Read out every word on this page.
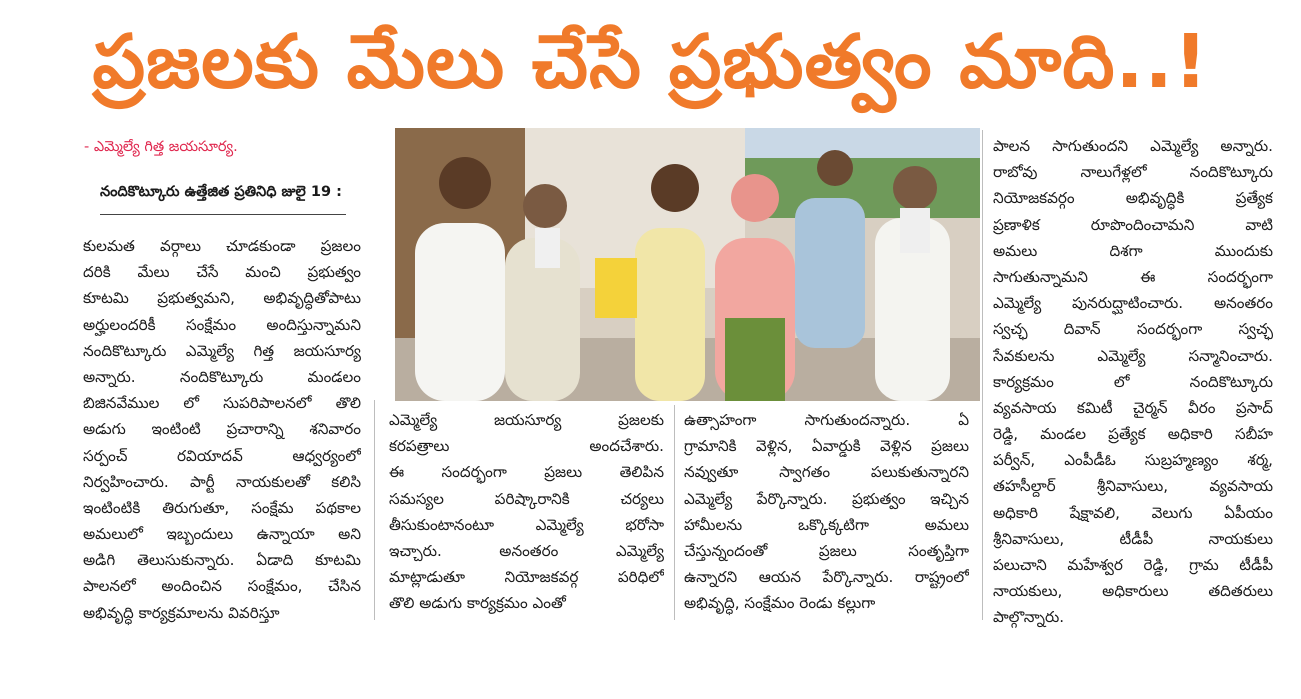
ప్రజలకు మేలు చేసే ప్రభుత్వం మాది..!
- ఎమ్మెల్యే గిత్త జయసూర్య.
నందికొట్కూరు ఉత్తేజిత ప్రతినిధి జులై 19 :
కులమత వర్గాలు చూడకుండా ప్రజలం
దరికి మేలు చేసే మంచి ప్రభుత్వం
కూటమి ప్రభుత్వమని, అభివృద్ధితోపాటు
అర్హులందరికీ సంక్షేమం అందిస్తున్నామని
నందికొట్కూరు ఎమ్మెల్యే గిత్త జయసూర్య
అన్నారు. నందికొట్కూరు మండలం
బిజినవేముల లో సుపరిపాలనలో తొలి
అడుగు ఇంటింటి ప్రచారాన్ని శనివారం
సర్పంచ్ రవియాదవ్ ఆధ్వర్యంలో
నిర్వహించారు. పార్టీ నాయకులతో కలిసి
ఇంటింటికి తిరుగుతూ, సంక్షేమ పథకాల
అమలులో ఇబ్బందులు ఉన్నాయా అని
అడిగి తెలుసుకున్నారు. ఏడాది కూటమి
పాలనలో అందించిన సంక్షేమం, చేసిన
అభివృద్ధి కార్యక్రమాలను వివరిస్తూ
ఎమ్మెల్యే జయసూర్య ప్రజలకు
కరపత్రాలు అందచేశారు.
ఈ సందర్భంగా ప్రజలు తెలిపిన
సమస్యల పరిష్కారానికి చర్యలు
తీసుకుంటానంటూ ఎమ్మెల్యే భరోసా
ఇచ్చారు. అనంతరం ఎమ్మెల్యే
మాట్లాడుతూ నియోజకవర్గ పరిధిలో
తొలి అడుగు కార్యక్రమం ఎంతో
ఉత్సాహంగా సాగుతుందన్నారు. ఏ
గ్రామానికి వెళ్లిన, ఏవార్డుకి వెళ్లిన ప్రజలు
నవ్వుతూ స్వాగతం పలుకుతున్నారని
ఎమ్మెల్యే పేర్కొన్నారు. ప్రభుత్వం ఇచ్చిన
హామీలను ఒక్కొక్కటిగా అమలు
చేస్తున్నందంతో ప్రజలు సంతృప్తిగా
ఉన్నారని ఆయన పేర్కొన్నారు. రాష్ట్రంలో
అభివృద్ధి, సంక్షేమం రెండు కల్లుగా
పాలన సాగుతుందని ఎమ్మెల్యే అన్నారు.
రాబోవు నాలుగేళ్లలో నందికొట్కూరు
నియోజకవర్గం అభివృద్ధికి ప్రత్యేక
ప్రణాళిక రూపొందించామని వాటి
అమలు దిశగా ముందుకు
సాగుతున్నామని ఈ సందర్భంగా
ఎమ్మెల్యే పునరుద్ఘాటించారు. అనంతరం
స్వచ్ఛ దివాన్ సందర్భంగా స్వచ్ఛ
సేవకులను ఎమ్మెల్యే సన్మానించారు.
కార్యక్రమం లో నందికొట్కూరు
వ్యవసాయ కమిటీ చైర్మన్ వీరం ప్రసాద్
రెడ్డి, మండల ప్రత్యేక అధికారి సబీహ
పర్వీన్, ఎంపీడీఓ సుబ్రహ్మణ్యం శర్మ,
తహసీల్దార్ శ్రీనివాసులు, వ్యవసాయ
అధికారి షేక్షావలి, వెలుగు ఏపీయం
శ్రీనివాసులు, టీడీపీ నాయకులు
పలుచాని మహేశ్వర రెడ్డి, గ్రామ టీడీపీ
నాయకులు, అధికారులు తదితరులు
పాల్గొన్నారు.
